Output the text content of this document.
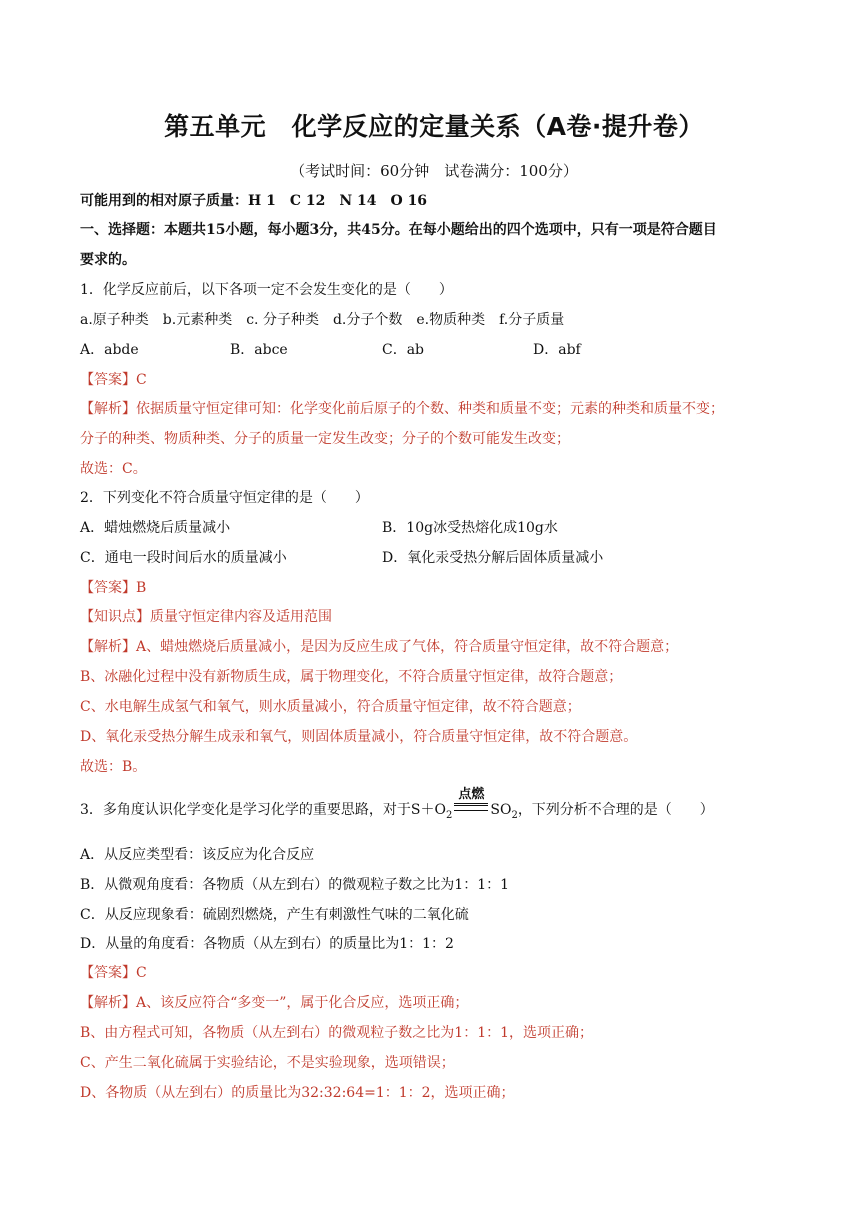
第五单元　化学反应的定量关系（A卷·提升卷）
（考试时间：60分钟　试卷满分：100分）
可能用到的相对原子质量：H 1　C 12　N 14　O 16
一、选择题：本题共15小题，每小题3分，共45分。在每小题给出的四个选项中，只有一项是符合题目
要求的。
1．化学反应前后，以下各项一定不会发生变化的是（　　）
a.原子种类　b.元素种类　c. 分子种类　d.分子个数　e.物质种类　f.分子质量
A．abde	B．abce	C．ab	D．abf
【答案】C
【解析】依据质量守恒定律可知：化学变化前后原子的个数、种类和质量不变；元素的种类和质量不变；
分子的种类、物质种类、分子的质量一定发生改变；分子的个数可能发生改变；
故选：C。
2．下列变化不符合质量守恒定律的是（　　）
A．蜡烛燃烧后质量减小	B．10g冰受热熔化成10g水
C．通电一段时间后水的质量减小	D．氧化汞受热分解后固体质量减小
【答案】B
【知识点】质量守恒定律内容及适用范围
【解析】A、蜡烛燃烧后质量减小，是因为反应生成了气体，符合质量守恒定律，故不符合题意；
B、冰融化过程中没有新物质生成，属于物理变化，不符合质量守恒定律，故符合题意；
C、水电解生成氢气和氧气，则水质量减小，符合质量守恒定律，故不符合题意；
D、氧化汞受热分解生成汞和氧气，则固体质量减小，符合质量守恒定律，故不符合题意。
故选：B。
3．多角度认识化学变化是学习化学的重要思路，对于$S+O_2$
点燃
$SO_2$，下列分析不合理的是（　　）
A．从反应类型看：该反应为化合反应
B．从微观角度看：各物质（从左到右）的微观粒子数之比为1：1：1
C．从反应现象看：硫剧烈燃烧，产生有刺激性气味的二氧化硫
D．从量的角度看：各物质（从左到右）的质量比为1：1：2
【答案】C
【解析】A、该反应符合“多变一”，属于化合反应，选项正确；
B、由方程式可知，各物质（从左到右）的微观粒子数之比为1：1：1，选项正确；
C、产生二氧化硫属于实验结论，不是实验现象，选项错误；
D、各物质（从左到右）的质量比为32:32:64=1：1：2，选项正确；
